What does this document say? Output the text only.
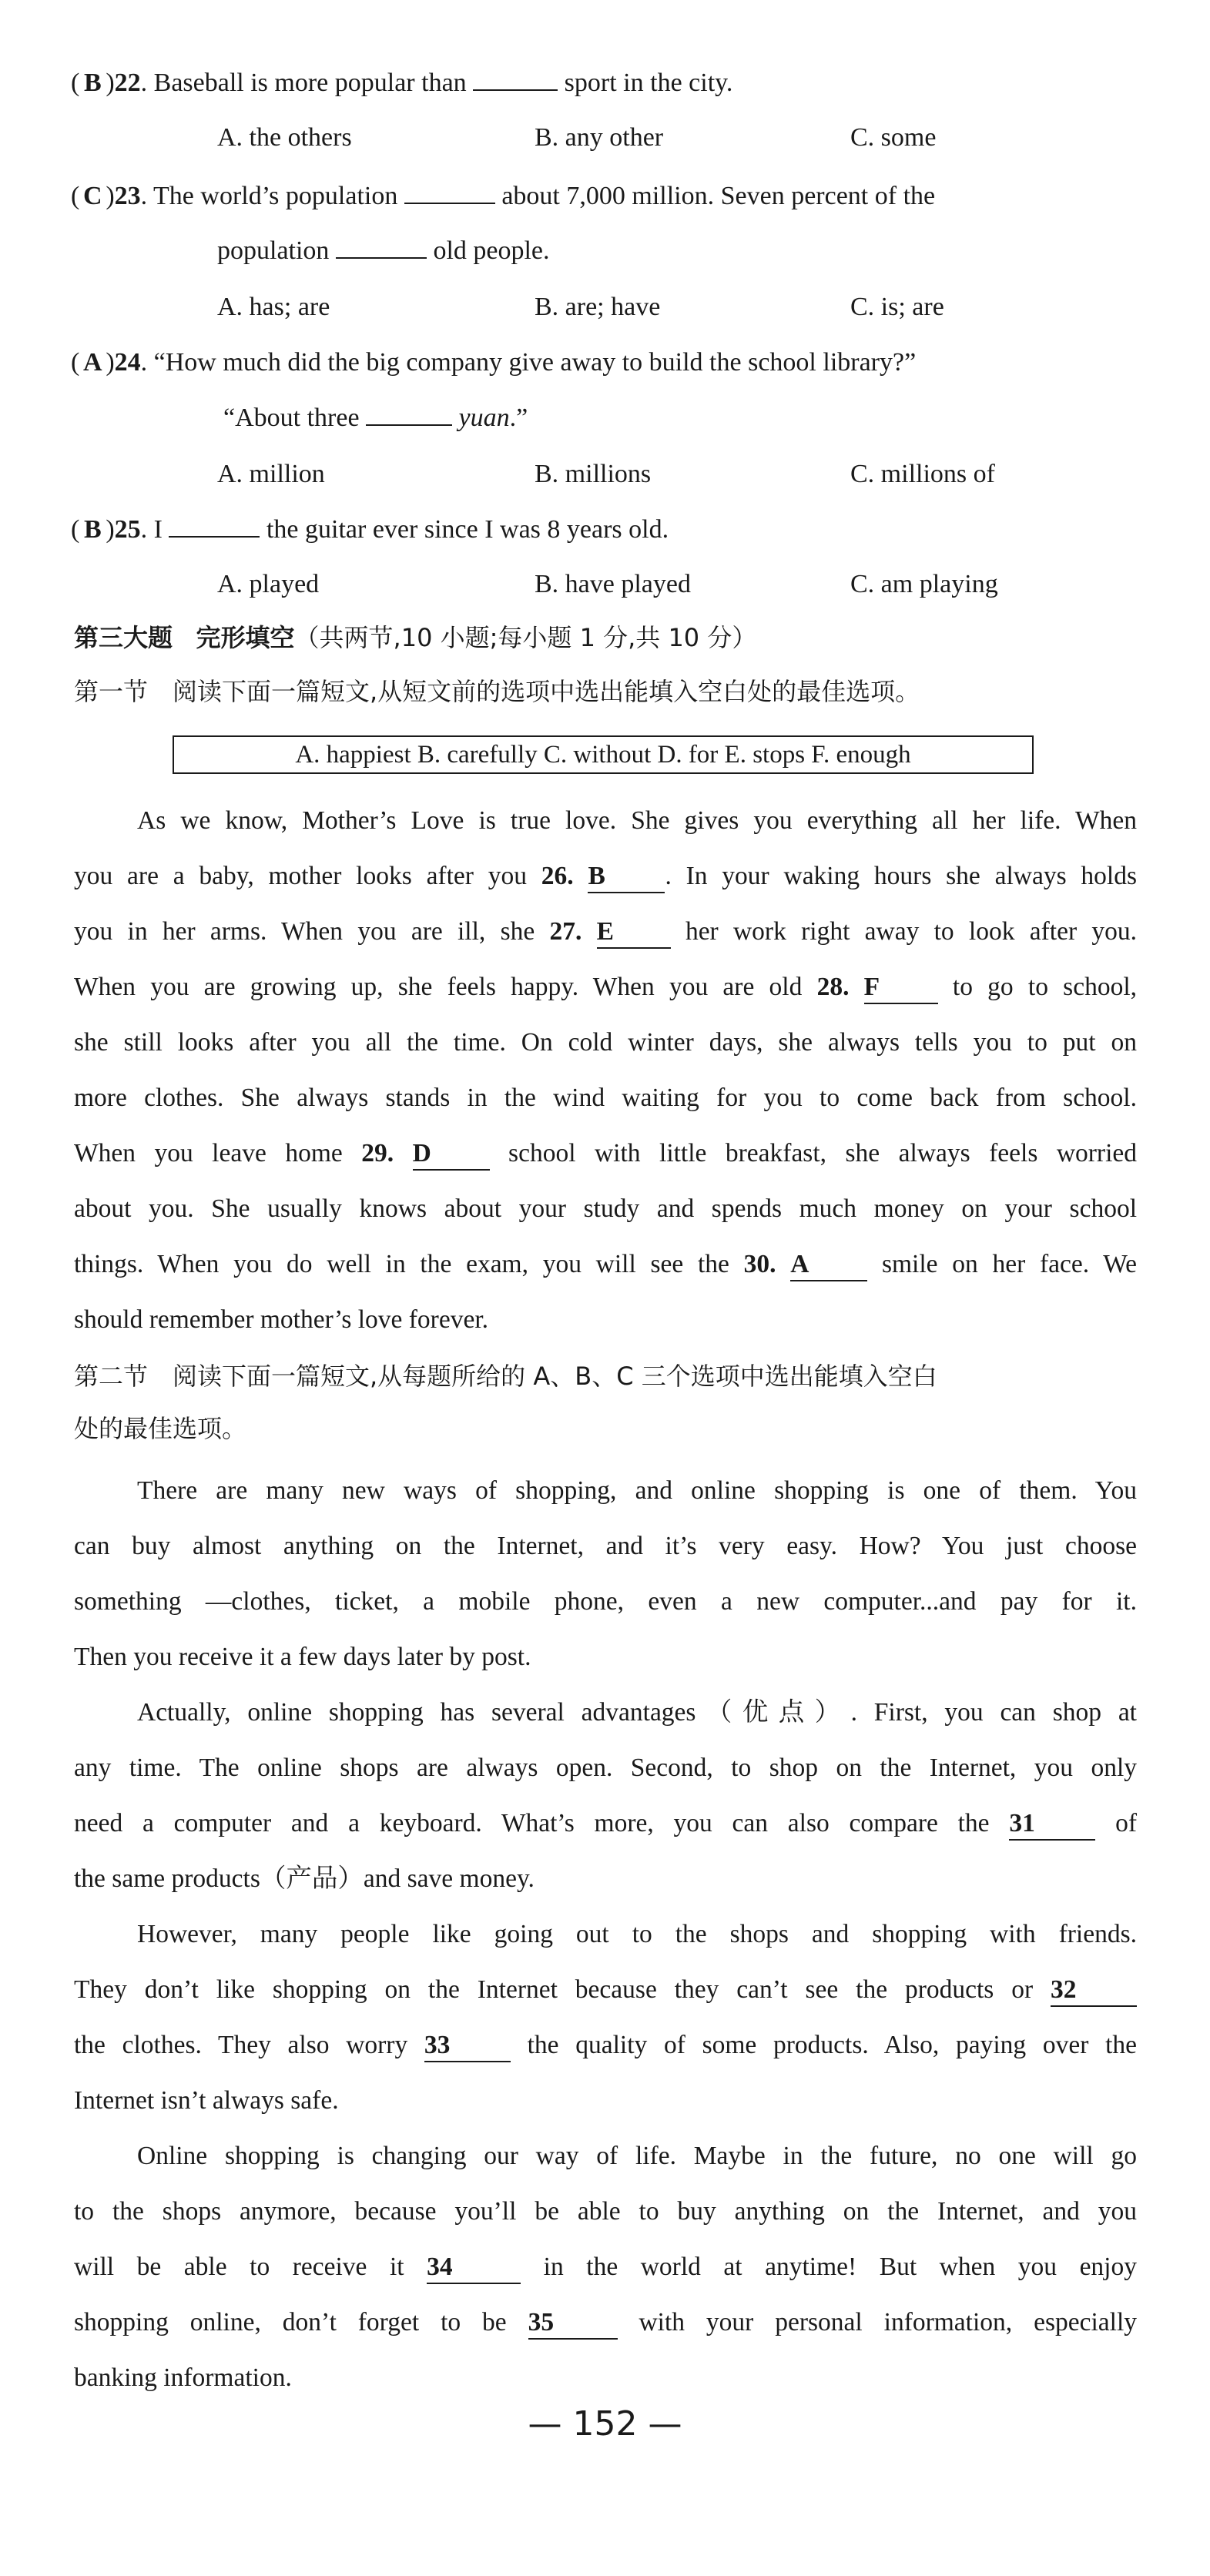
( B )22. Baseball is more popular than	sport in the city.
A. the others	B. any other	C. some
( C )23. The world’s population	about 7,000 million. Seven percent of the
population	old people.
A. has; are	B. are; have	C. is; are
( A )24. “How much did the big company give away to build the school library?”
“About three	yuan.”
A. million	B. millions	C. millions of
( B )25. I	the guitar ever since I was 8 years old.
A. played	B. have played	C. am playing
第三大题 完形填空（共两节,10 小题;每小题 1 分,共 10 分）
第一节　阅读下面一篇短文,从短文前的选项中选出能填入空白处的最佳选项。
A. happiest B. carefully C. without D. for E. stops F. enough
As we know, Mother’s Love is true love. She gives you everything all her life. When
you are a baby, mother looks after you 26. B . In your waking hours she always holds
you in her arms. When you are ill, she 27. E her work right away to look after you.
When you are growing up, she feels happy. When you are old 28. F to go to school,
she still looks after you all the time. On cold winter days, she always tells you to put on
more clothes. She always stands in the wind waiting for you to come back from school.
When you leave home 29. D school with little breakfast, she always feels worried
about you. She usually knows about your study and spends much money on your school
things. When you do well in the exam, you will see the 30. A smile on her face. We
should remember mother’s love forever.
第二节　阅读下面一篇短文,从每题所给的 A、B、C 三个选项中选出能填入空白
处的最佳选项。
There are many new ways of shopping, and online shopping is one of them. You
can buy almost anything on the Internet, and it’s very easy. How? You just choose
something —clothes, ticket, a mobile phone, even a new computer...and pay for it.
Then you receive it a few days later by post.
Actually, online shopping has several advantages（优点）. First, you can shop at
any time. The online shops are always open. Second, to shop on the Internet, you only
need a computer and a keyboard. What’s more, you can also compare the 31 of
the same products（产品）and save money.
However, many people like going out to the shops and shopping with friends.
They don’t like shopping on the Internet because they can’t see the products or 32
the clothes. They also worry 33 the quality of some products. Also, paying over the
Internet isn’t always safe.
Online shopping is changing our way of life. Maybe in the future, no one will go
to the shops anymore, because you’ll be able to buy anything on the Internet, and you
will be able to receive it 34	in the world at anytime! But when you enjoy
shopping online, don’t forget to be 35 with your personal information, especially
banking information.
— 152 —
